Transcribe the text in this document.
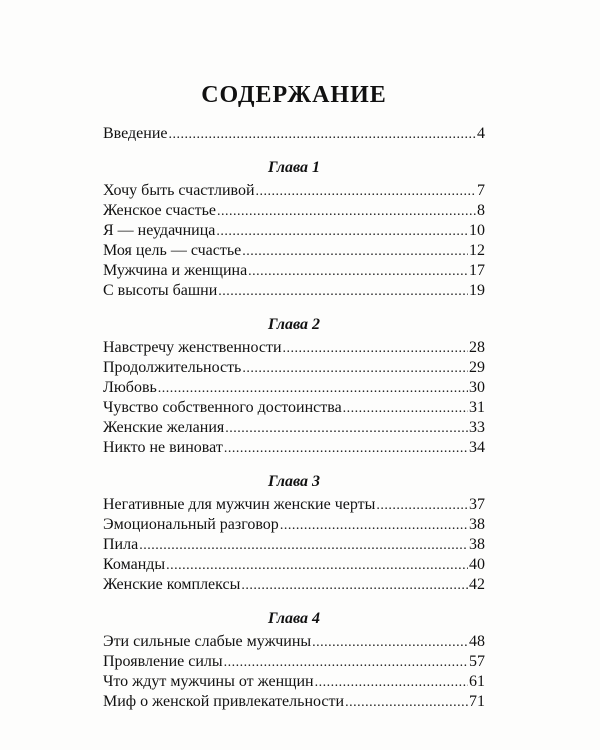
СОДЕРЖАНИЕ
Введение .....	4
Глава 1
Хочу быть счастливой .....	7
Женское счастье .....	8
Я — неудачница .....	10
Моя цель — счастье .....	12
Мужчина и женщина .....	17
С высоты башни .....	19
Глава 2
Навстречу женственности .....	28
Продолжительность .....	29
Любовь .....	30
Чувство собственного достоинства .....	31
Женские желания .....	33
Никто не виноват .....	34
Глава 3
Негативные для мужчин женские черты .....	37
Эмоциональный разговор .....	38
Пила .....	38
Команды .....	40
Женские комплексы .....	42
Глава 4
Эти сильные слабые мужчины .....	48
Проявление силы .....	57
Что ждут мужчины от женщин .....	61
Миф о женской привлекательности .....	71
